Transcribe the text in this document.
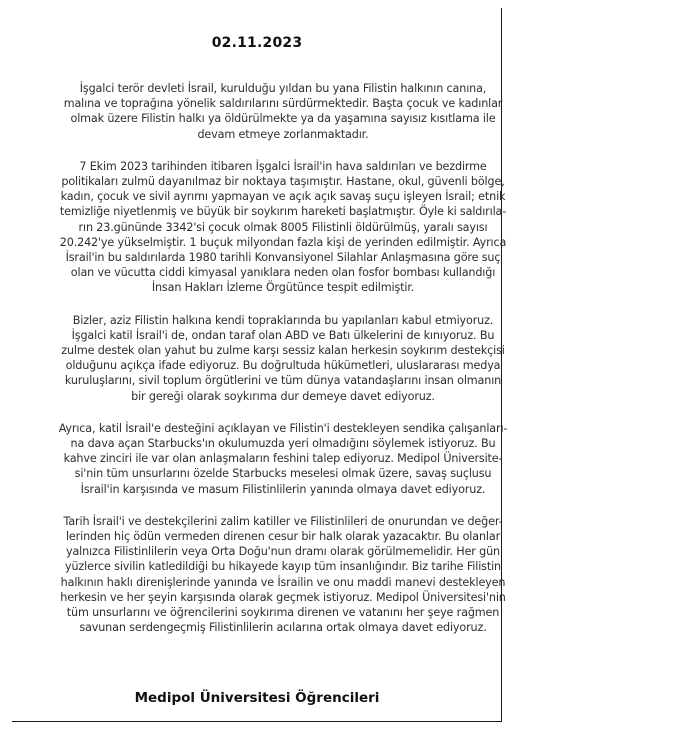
02.11.2023

İşgalci terör devleti İsrail, kurulduğu yıldan bu yana Filistin halkının canına,
malına ve toprağına yönelik saldırılarını sürdürmektedir. Başta çocuk ve kadınlar
olmak üzere Filistin halkı ya öldürülmekte ya da yaşamına sayısız kısıtlama ile
devam etmeye zorlanmaktadır.

7 Ekim 2023 tarihinden itibaren İşgalci İsrail'in hava saldırıları ve bezdirme
politikaları zulmü dayanılmaz bir noktaya taşımıştır. Hastane, okul, güvenli bölge,
kadın, çocuk ve sivil ayrımı yapmayan ve açık açık savaş suçu işleyen İsrail; etnik
temizliğe niyetlenmiş ve büyük bir soykırım hareketi başlatmıştır. Öyle ki saldırıla-
rın 23.gününde 3342'si çocuk olmak 8005 Filistinli öldürülmüş, yaralı sayısı
20.242'ye yükselmiştir. 1 buçuk milyondan fazla kişi de yerinden edilmiştir. Ayrıca
İsrail'in bu saldırılarda 1980 tarihli Konvansiyonel Silahlar Anlaşmasına göre suç
olan ve vücutta ciddi kimyasal yanıklara neden olan fosfor bombası kullandığı
İnsan Hakları İzleme Örgütünce tespit edilmiştir.

Bizler, aziz Filistin halkına kendi topraklarında bu yapılanları kabul etmiyoruz.
İşgalci katil İsrail'i de, ondan taraf olan ABD ve Batı ülkelerini de kınıyoruz. Bu
zulme destek olan yahut bu zulme karşı sessiz kalan herkesin soykırım destekçisi
olduğunu açıkça ifade ediyoruz. Bu doğrultuda hükümetleri, uluslararası medya
kuruluşlarını, sivil toplum örgütlerini ve tüm dünya vatandaşlarını insan olmanın
bir gereği olarak soykırıma dur demeye davet ediyoruz.

Ayrıca, katil İsrail'e desteğini açıklayan ve Filistin'i destekleyen sendika çalışanları-
na dava açan Starbucks'ın okulumuzda yeri olmadığını söylemek istiyoruz. Bu
kahve zinciri ile var olan anlaşmaların feshini talep ediyoruz. Medipol Üniversite-
si'nin tüm unsurlarını özelde Starbucks meselesi olmak üzere, savaş suçlusu
İsrail'in karşısında ve masum Filistinlilerin yanında olmaya davet ediyoruz.

Tarih İsrail'i ve destekçilerini zalim katiller ve Filistinlileri de onurundan ve değer-
lerinden hiç ödün vermeden direnen cesur bir halk olarak yazacaktır. Bu olanlar
yalnızca Filistinlilerin veya Orta Doğu'nun dramı olarak görülmemelidir. Her gün
yüzlerce sivilin katledildiği bu hikayede kayıp tüm insanlığındır. Biz tarihe Filistin
halkının haklı direnişlerinde yanında ve İsrailin ve onu maddi manevi destekleyen
herkesin ve her şeyin karşısında olarak geçmek istiyoruz. Medipol Üniversitesi'nin
tüm unsurlarını ve öğrencilerini soykırıma direnen ve vatanını her şeye rağmen
savunan serdengeçmiş Filistinlilerin acılarına ortak olmaya davet ediyoruz.

Medipol Üniversitesi Öğrencileri
